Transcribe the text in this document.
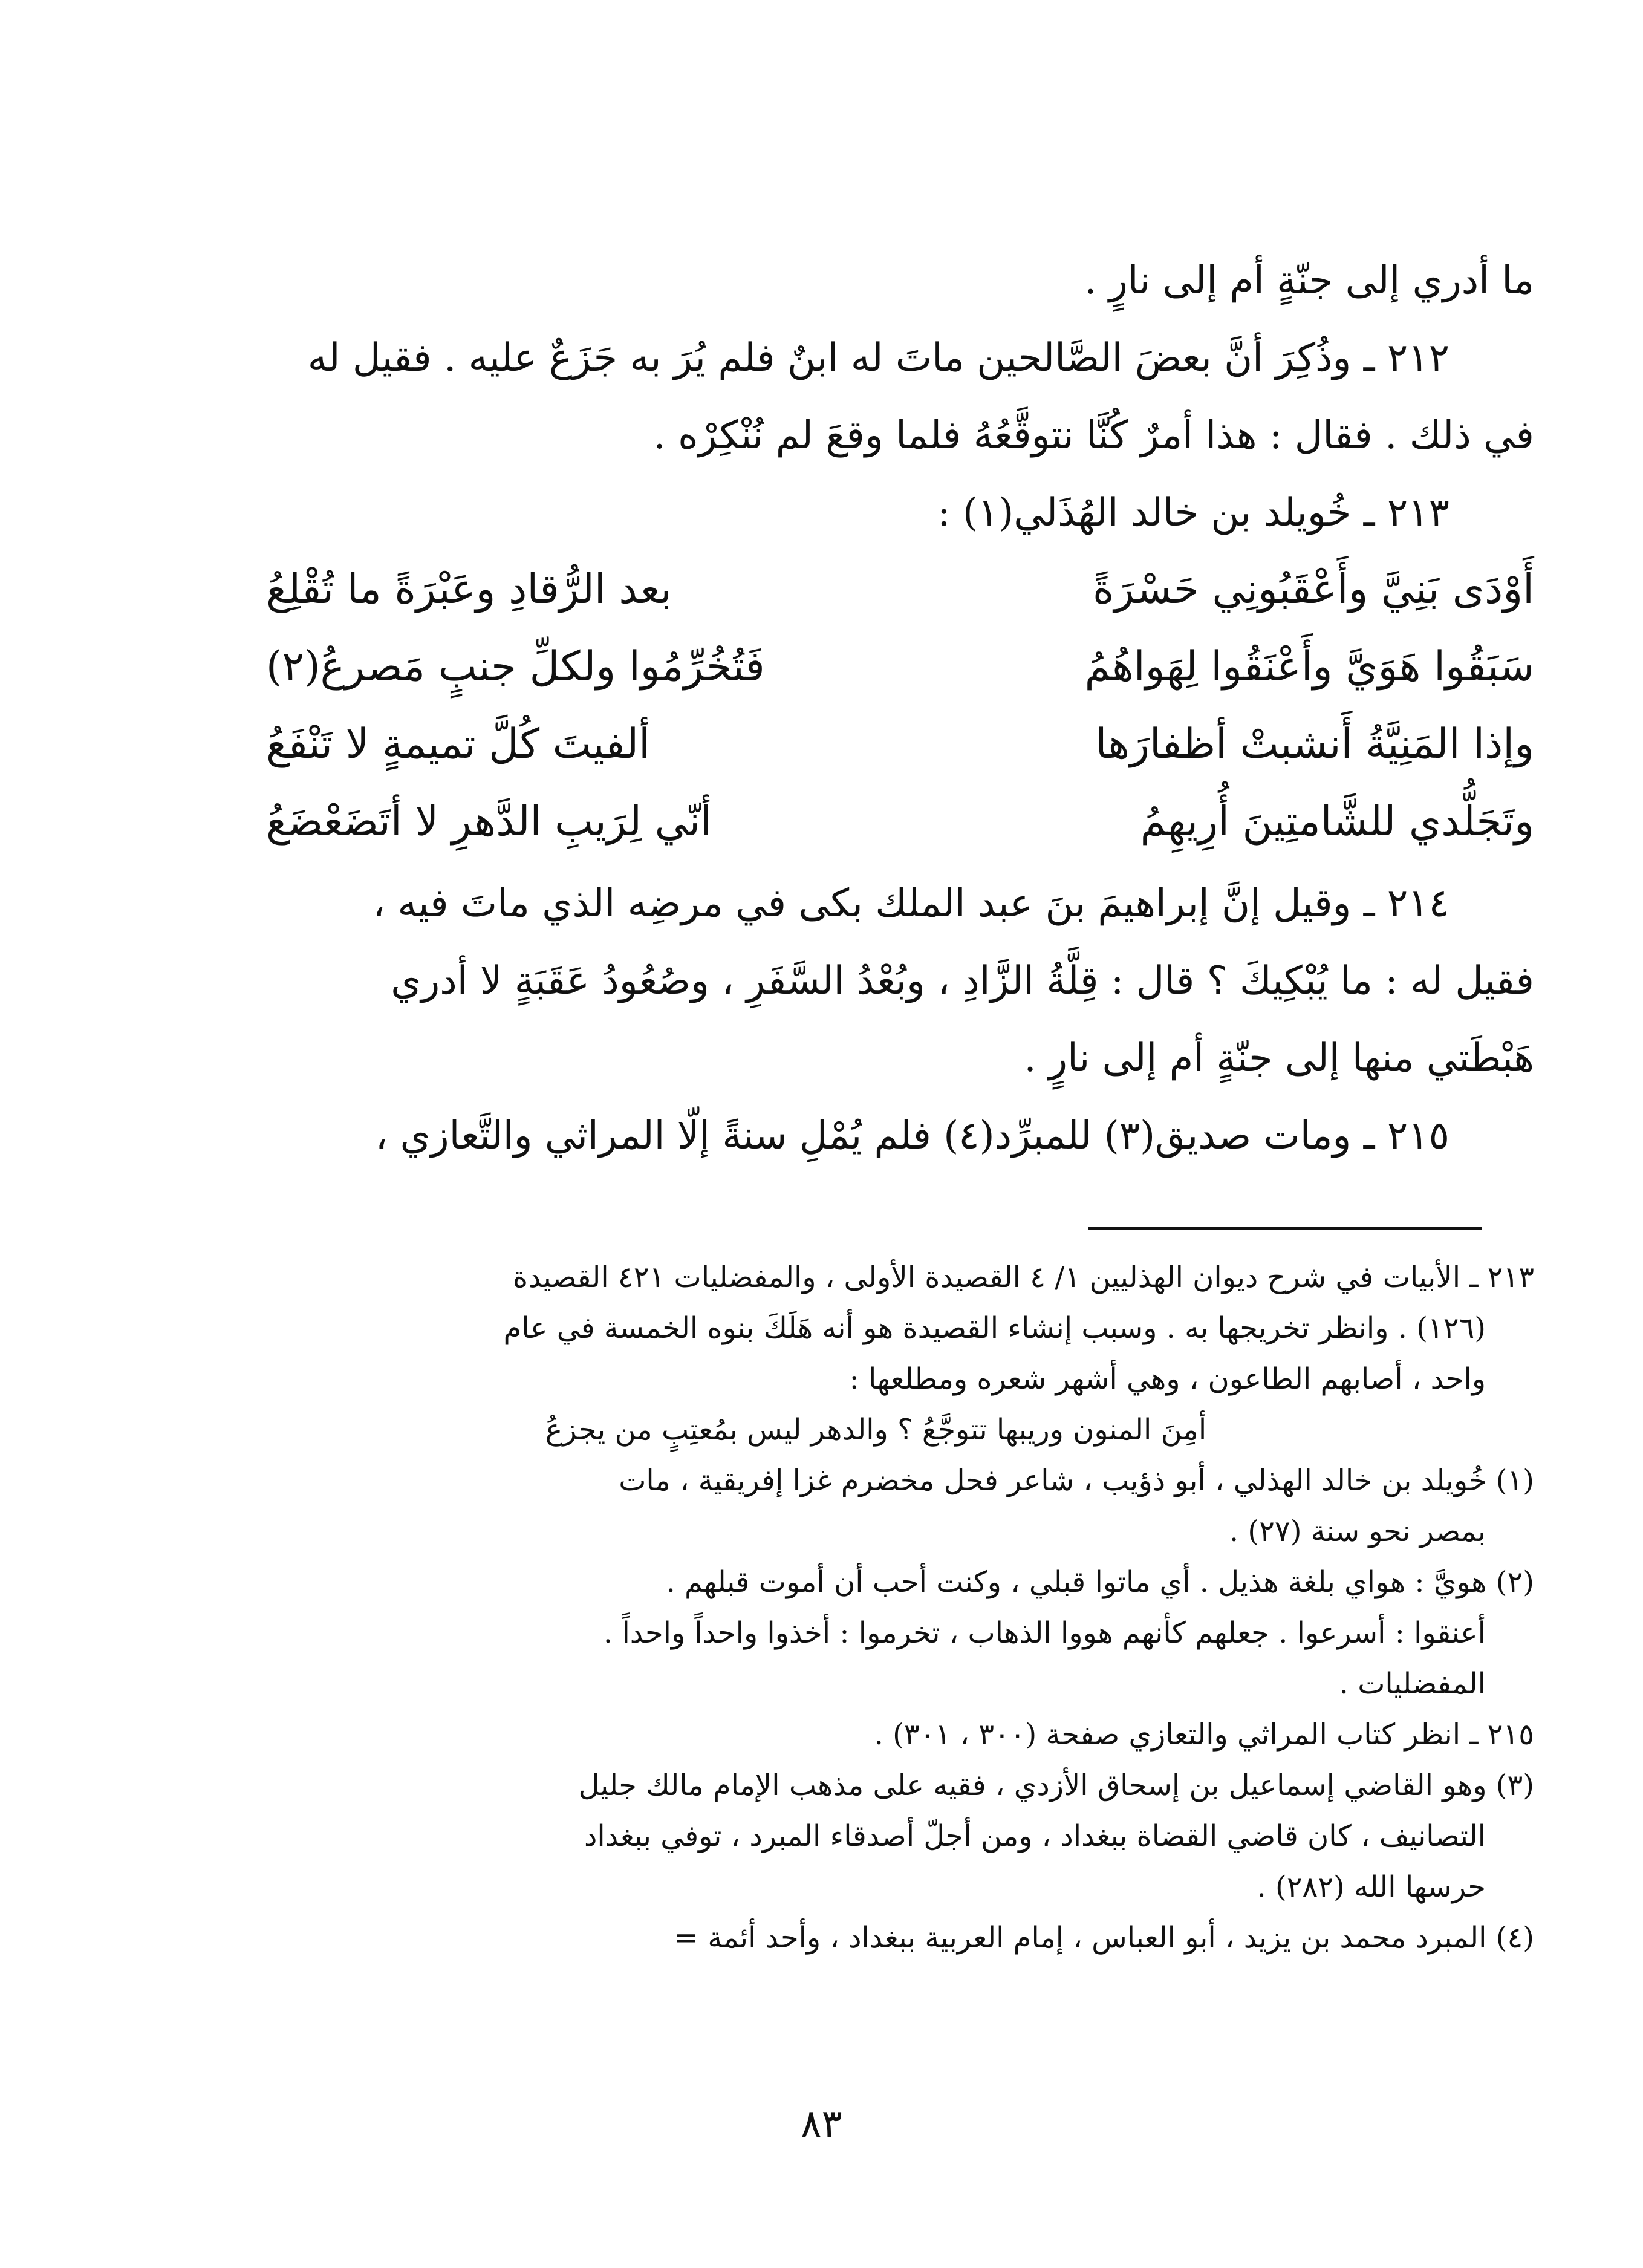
ما أدري إلى جنّةٍ أم إلى نارٍ .

٢١٢ ـ وذُكِرَ أنَّ بعضَ الصَّالحين ماتَ له ابنٌ فلم يُرَ به جَزَعٌ عليه . فقيل له

في ذلك . فقال : هذا أمرٌ كُنَّا نتوقَّعُهُ فلما وقعَ لم نُنْكِرْه .

٢١٣ ـ خُويلد بن خالد الهُذَلي(١) :

أَوْدَى بَنِيَّ وأَعْقَبُونِي حَسْرَةً
بعد الرُّقادِ وعَبْرَةً ما تُقْلِعُ
سَبَقُوا هَوَيَّ وأَعْنَقُوا لِهَواهُمُ
فَتُخُرِّمُوا ولكلِّ جنبٍ مَصرعُ(٢)
وإذا المَنِيَّةُ أَنشبتْ أظفارَها
ألفيتَ كُلَّ تميمةٍ لا تَنْفَعُ
وتَجَلُّدي للشَّامتِينَ أُرِيهِمُ
أنّي لِرَيبِ الدَّهرِ لا أتَضَعْضَعُ

٢١٤ ـ وقيل إنَّ إبراهيمَ بنَ عبد الملك بكى في مرضِه الذي ماتَ فيه ،

فقيل له : ما يُبْكِيكَ ؟ قال : قِلَّةُ الزَّادِ ، وبُعْدُ السَّفَرِ ، وصُعُودُ عَقَبَةٍ لا أدري

هَبْطَتي منها إلى جنّةٍ أم إلى نارٍ .

٢١٥ ـ ومات صديق(٣) للمبرِّد(٤) فلم يُمْلِ سنةً إلّا المراثي والتَّعازي ،

٢١٣ ـ الأبيات في شرح ديوان الهذليين ١/ ٤ القصيدة الأولى ، والمفضليات ٤٢١ القصيدة

(١٢٦) . وانظر تخريجها به . وسبب إنشاء القصيدة هو أنه هَلَكَ بنوه الخمسة في عام

واحد ، أصابهم الطاعون ، وهي أشهر شعره ومطلعها :

أمِنَ المنون وريبها تتوجَّعُ ؟ والدهر ليس بمُعتِبٍ من يجزعُ

(١) خُويلد بن خالد الهذلي ، أبو ذؤيب ، شاعر فحل مخضرم غزا إفريقية ، مات

بمصر نحو سنة (٢٧) .

(٢) هويَّ : هواي بلغة هذيل . أي ماتوا قبلي ، وكنت أحب أن أموت قبلهم .

أعنقوا : أسرعوا . جعلهم كأنهم هووا الذهاب ، تخرموا : أخذوا واحداً واحداً .

المفضليات .

٢١٥ ـ انظر كتاب المراثي والتعازي صفحة (٣٠٠ ، ٣٠١) .

(٣) وهو القاضي إسماعيل بن إسحاق الأزدي ، فقيه على مذهب الإمام مالك جليل

التصانيف ، كان قاضي القضاة ببغداد ، ومن أجلّ أصدقاء المبرد ، توفي ببغداد

حرسها الله (٢٨٢) .

(٤) المبرد محمد بن يزيد ، أبو العباس ، إمام العربية ببغداد ، وأحد أئمة =

٨٣
